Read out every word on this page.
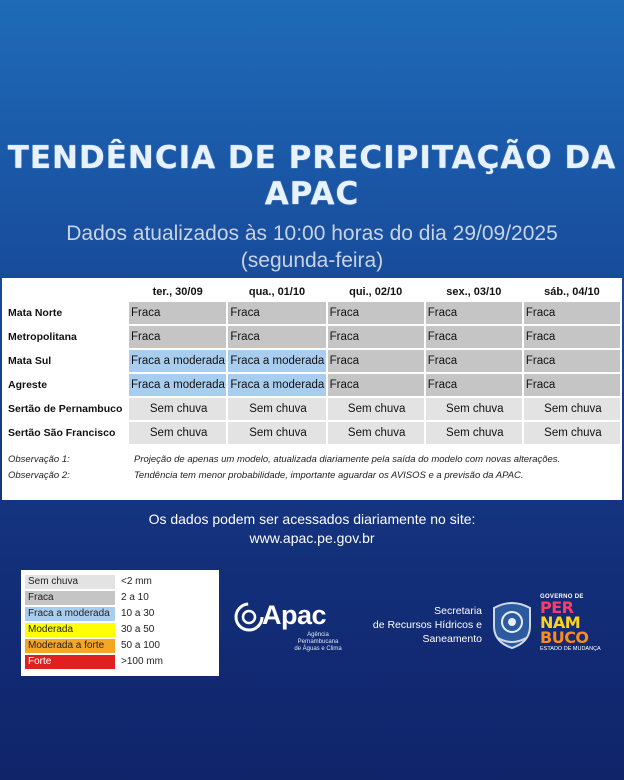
TENDÊNCIA DE PRECIPITAÇÃO DA APAC
Dados atualizados às 10:00 horas do dia 29/09/2025
(segunda-feira)
	ter., 30/09	qua., 01/10	qui., 02/10	sex., 03/10	sáb., 04/10
Mata Norte	Fraca	Fraca	Fraca	Fraca	Fraca
Metropolitana	Fraca	Fraca	Fraca	Fraca	Fraca
Mata Sul	Fraca a moderada	Fraca a moderada	Fraca	Fraca	Fraca
Agreste	Fraca a moderada	Fraca a moderada	Fraca	Fraca	Fraca
Sertão de Pernambuco	Sem chuva	Sem chuva	Sem chuva	Sem chuva	Sem chuva
Sertão São Francisco	Sem chuva	Sem chuva	Sem chuva	Sem chuva	Sem chuva
Observação 1:	Projeção de apenas um modelo, atualizada diariamente pela saída do modelo com novas alterações.
Observação 2:	Tendência tem menor probabilidade, importante aguardar os AVISOS e a previsão da APAC.
Os dados podem ser acessados diariamente no site:
www.apac.pe.gov.br
Sem chuva	<2 mm
Fraca	2 a 10
Fraca a moderada	10 a 30
Moderada	30 a 50
Moderada a forte	50 a 100
Forte	>100 mm
Apac
Agência Pernambucana
de Águas e Clima
Secretaria
de Recursos Hídricos e
Saneamento
GOVERNO DE
PER
NAM
BUCO
ESTADO DE MUDANÇA
